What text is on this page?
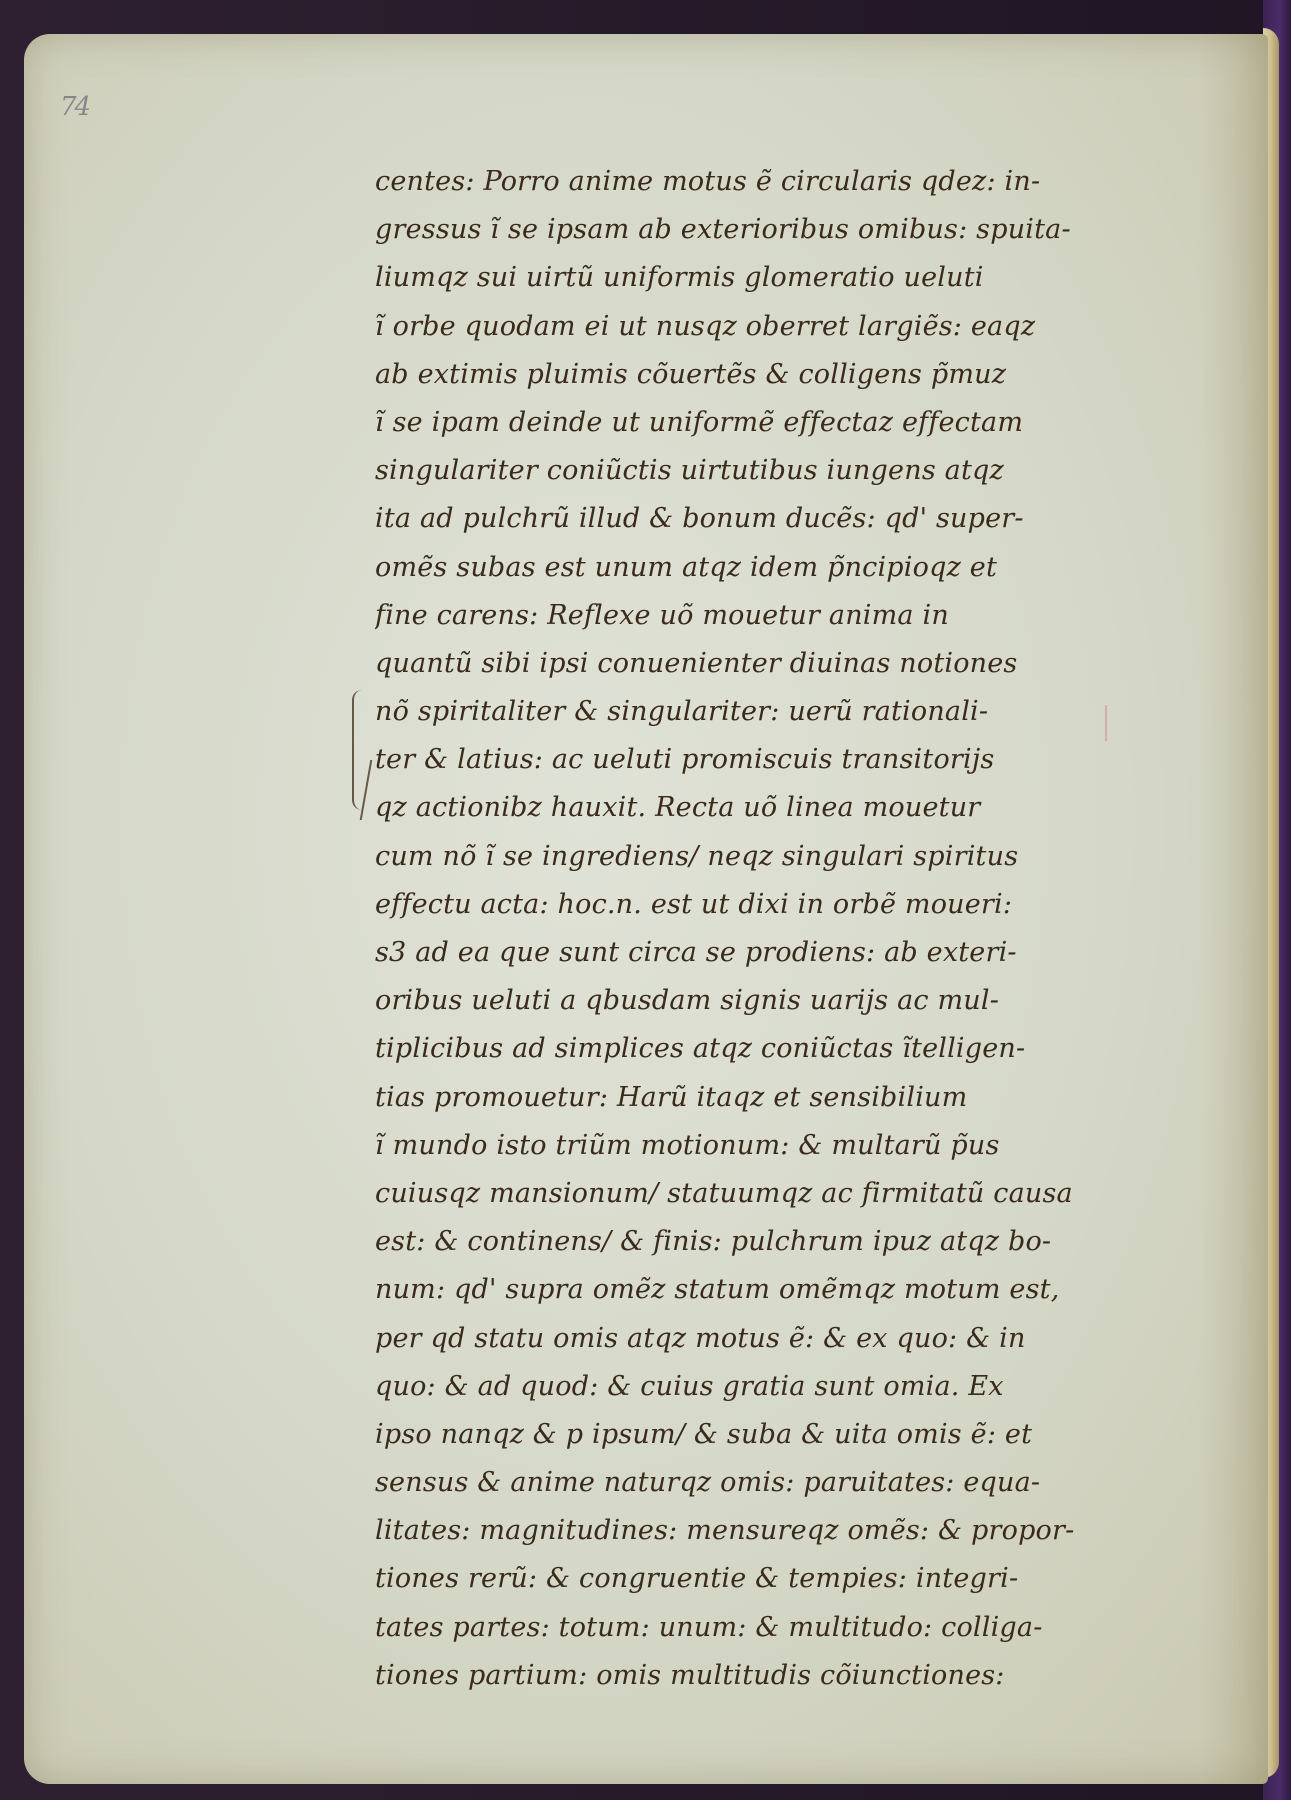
74
centes: Porro anime motus ẽ circularis qdez: in-
gressus ĩ se ipsam ab exterioribus omibus: spuita-
liumqz sui uirtũ uniformis glomeratio ueluti
ĩ orbe quodam ei ut nusqz oberret largiẽs: eaqz
ab extimis pluimis cõuertẽs & colligens p̃muz
ĩ se ipam deinde ut uniformẽ effectaz effectam
singulariter coniũctis uirtutibus iungens atqz
ita ad pulchrũ illud & bonum ducẽs: qd' super-
omẽs subas est unum atqz idem p̃ncipioqz et
fine carens: Reflexe uõ mouetur anima in
quantũ sibi ipsi conuenienter diuinas notiones
nõ spiritaliter & singulariter: uerũ rationali-
ter & latius: ac ueluti promiscuis transitorijs
qz actionibz hauxit. Recta uõ linea mouetur
cum nõ ĩ se ingrediens/ neqz singulari spiritus
effectu acta: hoc.n. est ut dixi in orbẽ moueri:
s3 ad ea que sunt circa se prodiens: ab exteri-
oribus ueluti a qbusdam signis uarijs ac mul-
tiplicibus ad simplices atqz coniũctas ĩtelligen-
tias promouetur: Harũ itaqz et sensibilium
ĩ mundo isto triũm motionum: & multarũ p̃us
cuiusqz mansionum/ statuumqz ac firmitatũ causa
est: & continens/ & finis: pulchrum ipuz atqz bo-
num: qd' supra omẽz statum omẽmqz motum est,
per qd statu omis atqz motus ẽ: & ex quo: & in
quo: & ad quod: & cuius gratia sunt omia. Ex
ipso nanqz & p ipsum/ & suba & uita omis ẽ: et
sensus & anime naturqz omis: paruitates: equa-
litates: magnitudines: mensureqz omẽs: & propor-
tiones rerũ: & congruentie & tempies: integri-
tates partes: totum: unum: & multitudo: colliga-
tiones partium: omis multitudis cõiunctiones:
